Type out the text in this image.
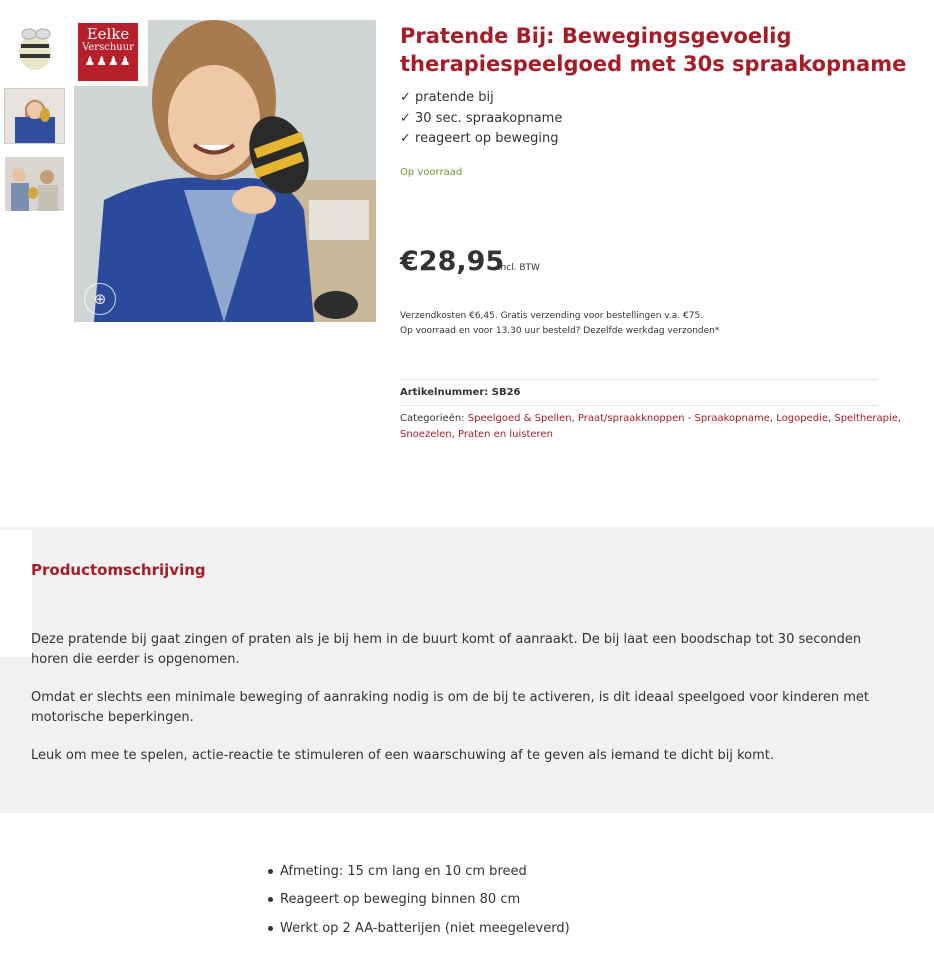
Eelke
Verschuur
♟♟♟♟
⊕
Pratende Bij: Bewegingsgevoelig therapiespeelgoed met 30s spraakopname
✓ pratende bij
✓ 30 sec. spraakopname
✓ reageert op beweging
Op voorraad
€28,95
incl. BTW
Verzendkosten €6,45. Gratis verzending voor bestellingen v.a. €75.
Op voorraad en voor 13.30 uur besteld? Dezelfde werkdag verzonden*
Artikelnummer: SB26
Categorieën: Speelgoed & Spellen, Praat/spraakknoppen - Spraakopname, Logopedie, Speltherapie, Snoezelen, Praten en luisteren
Productomschrijving

Deze pratende bij gaat zingen of praten als je bij hem in de buurt komt of aanraakt. De bij laat een boodschap tot 30 seconden horen die eerder is opgenomen.

Omdat er slechts een minimale beweging of aanraking nodig is om de bij te activeren, is dit ideaal speelgoed voor kinderen met motorische beperkingen.

Leuk om mee te spelen, actie-reactie te stimuleren of een waarschuwing af te geven als iemand te dicht bij komt.

Afmeting: 15 cm lang en 10 cm breed
Reageert op beweging binnen 80 cm
Werkt op 2 AA-batterijen (niet meegeleverd)
